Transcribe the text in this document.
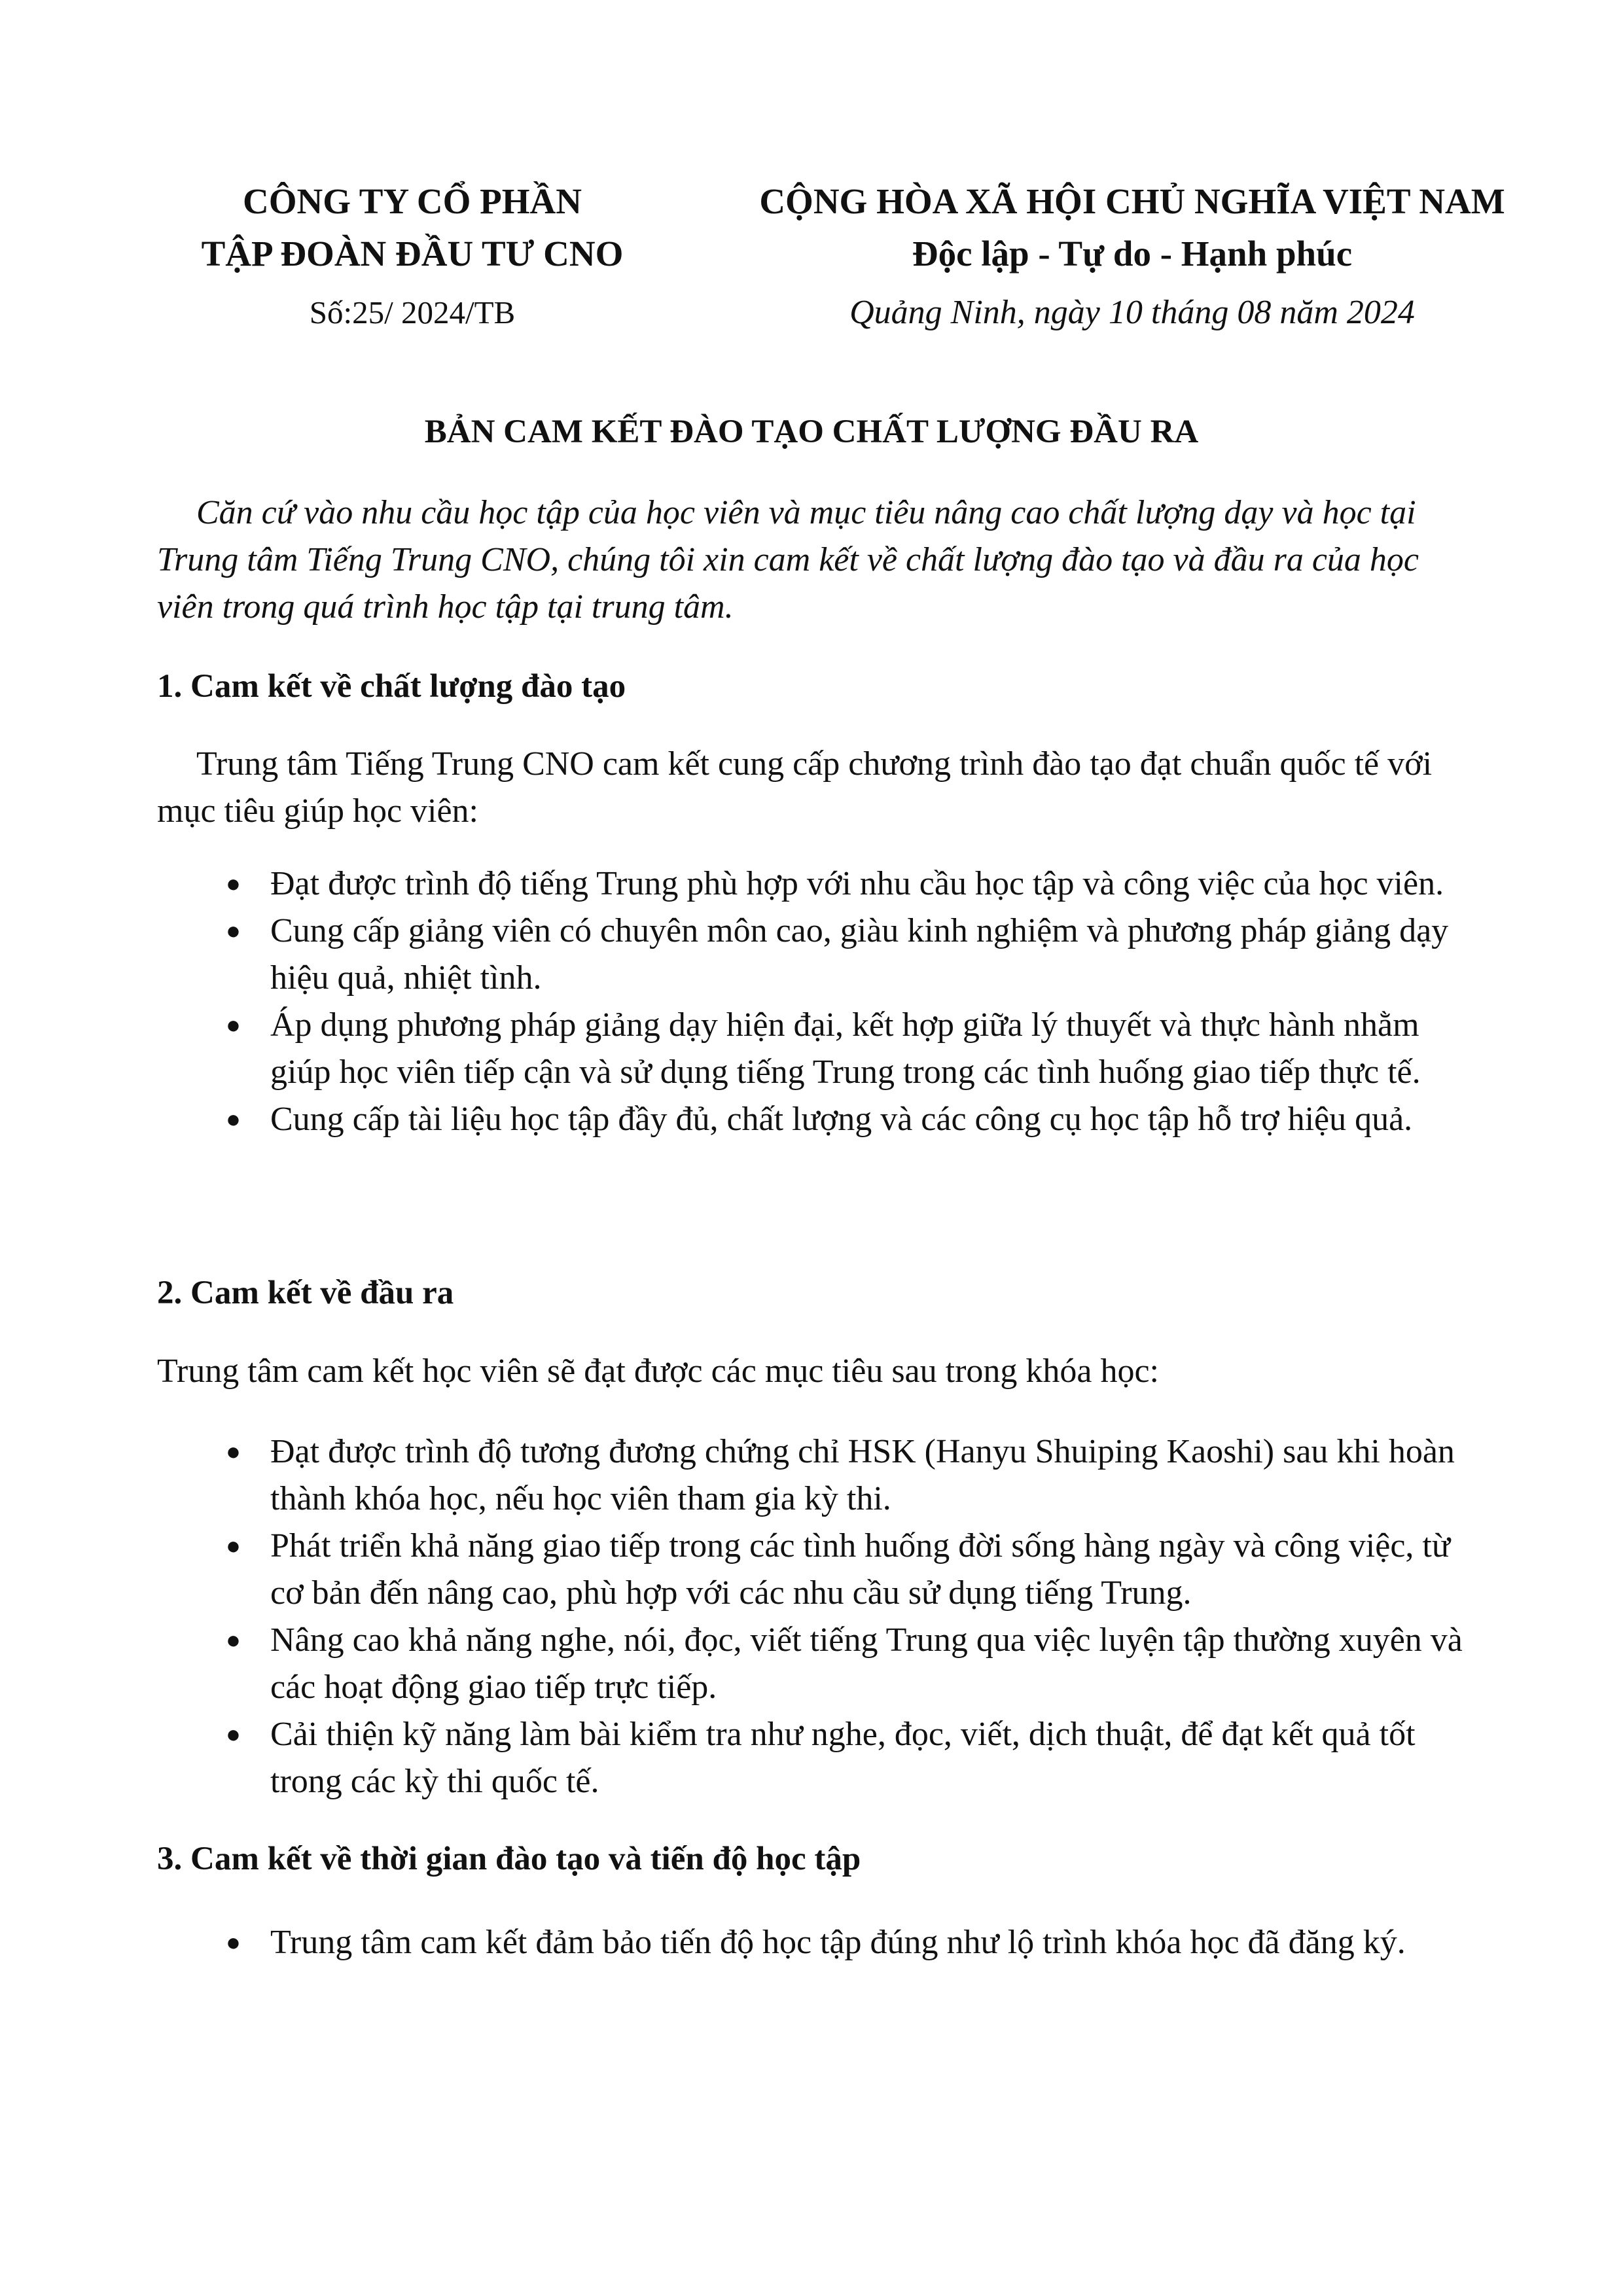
CÔNG TY CỔ PHẦN
TẬP ĐOÀN ĐẦU TƯ CNO
Số:25/ 2024/TB
CỘNG HÒA XÃ HỘI CHỦ NGHĨA VIỆT NAM
Độc lập - Tự do - Hạnh phúc
Quảng Ninh, ngày 10 tháng 08 năm 2024
BẢN CAM KẾT ĐÀO TẠO CHẤT LƯỢNG ĐẦU RA
Căn cứ vào nhu cầu học tập của học viên và mục tiêu nâng cao chất lượng dạy và học tại Trung tâm Tiếng Trung CNO, chúng tôi xin cam kết về chất lượng đào tạo và đầu ra của học viên trong quá trình học tập tại trung tâm.
1. Cam kết về chất lượng đào tạo
Trung tâm Tiếng Trung CNO cam kết cung cấp chương trình đào tạo đạt chuẩn quốc tế với mục tiêu giúp học viên:
● Đạt được trình độ tiếng Trung phù hợp với nhu cầu học tập và công việc của học viên.
● Cung cấp giảng viên có chuyên môn cao, giàu kinh nghiệm và phương pháp giảng dạy hiệu quả, nhiệt tình.
● Áp dụng phương pháp giảng dạy hiện đại, kết hợp giữa lý thuyết và thực hành nhằm giúp học viên tiếp cận và sử dụng tiếng Trung trong các tình huống giao tiếp thực tế.
● Cung cấp tài liệu học tập đầy đủ, chất lượng và các công cụ học tập hỗ trợ hiệu quả.
2. Cam kết về đầu ra
Trung tâm cam kết học viên sẽ đạt được các mục tiêu sau trong khóa học:
● Đạt được trình độ tương đương chứng chỉ HSK (Hanyu Shuiping Kaoshi) sau khi hoàn thành khóa học, nếu học viên tham gia kỳ thi.
● Phát triển khả năng giao tiếp trong các tình huống đời sống hàng ngày và công việc, từ cơ bản đến nâng cao, phù hợp với các nhu cầu sử dụng tiếng Trung.
● Nâng cao khả năng nghe, nói, đọc, viết tiếng Trung qua việc luyện tập thường xuyên và các hoạt động giao tiếp trực tiếp.
● Cải thiện kỹ năng làm bài kiểm tra như nghe, đọc, viết, dịch thuật, để đạt kết quả tốt trong các kỳ thi quốc tế.
3. Cam kết về thời gian đào tạo và tiến độ học tập
● Trung tâm cam kết đảm bảo tiến độ học tập đúng như lộ trình khóa học đã đăng ký.
